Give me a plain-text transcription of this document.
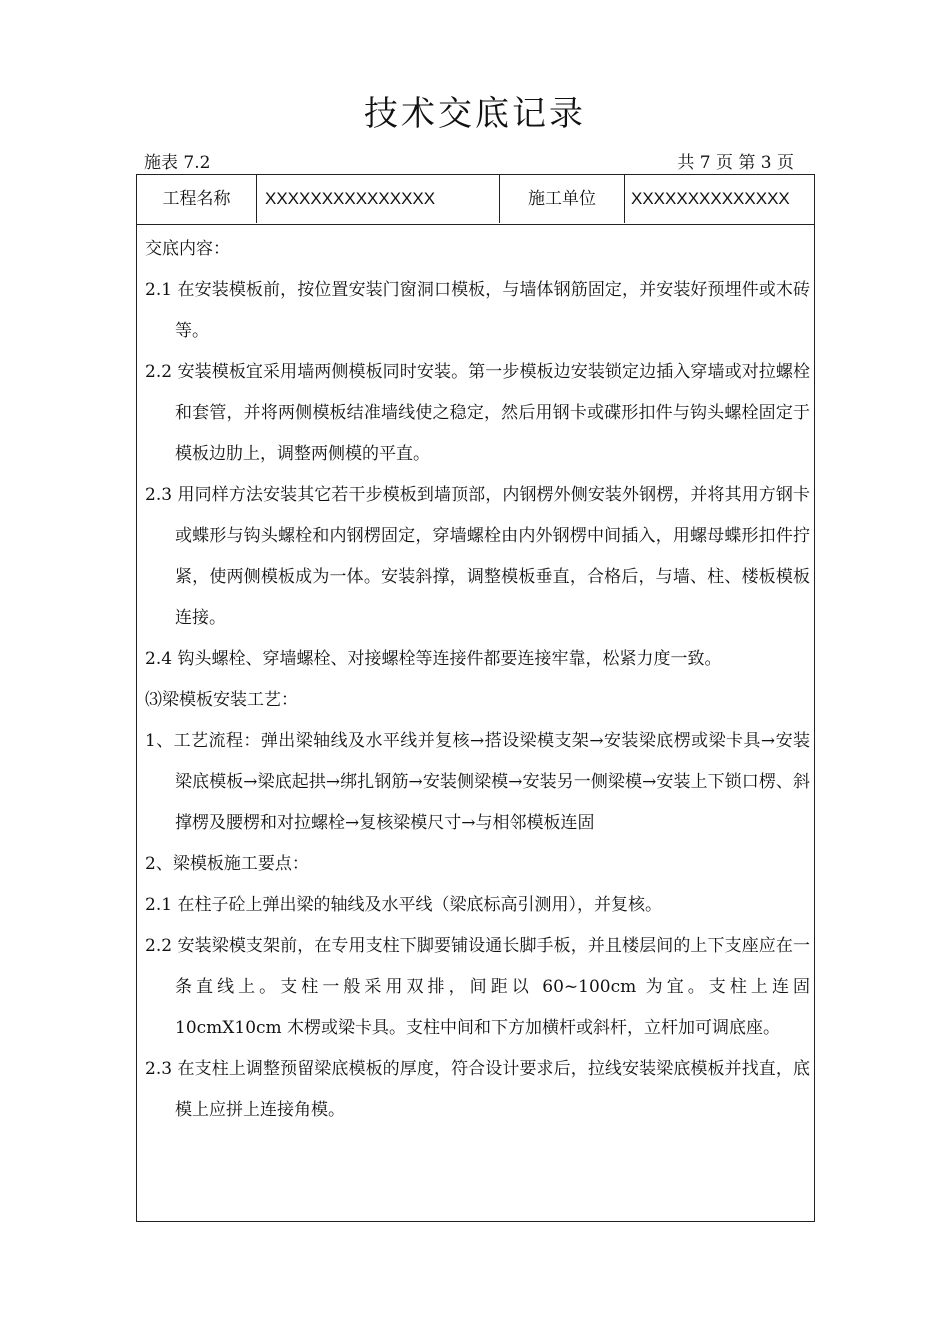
技术交底记录
施表 7.2	共 7 页 第 3 页
工程名称	XXXXXXXXXXXXXXX	施工单位	XXXXXXXXXXXXXX

交底内容：

2.1 在安装模板前，按位置安装门窗洞口模板，与墙体钢筋固定，并安装好预埋件或木砖等。

2.2 安装模板宜采用墙两侧模板同时安装。第一步模板边安装锁定边插入穿墙或对拉螺栓和套管，并将两侧模板结准墙线使之稳定，然后用钢卡或碟形扣件与钩头螺栓固定于模板边肋上，调整两侧模的平直。

2.3 用同样方法安装其它若干步模板到墙顶部，内钢楞外侧安装外钢楞，并将其用方钢卡或蝶形与钩头螺栓和内钢楞固定，穿墙螺栓由内外钢楞中间插入，用螺母蝶形扣件拧紧，使两侧模板成为一体。安装斜撑，调整模板垂直，合格后，与墙、柱、楼板模板连接。

2.4 钩头螺栓、穿墙螺栓、对接螺栓等连接件都要连接牢靠，松紧力度一致。

⑶梁模板安装工艺：

1、工艺流程：弹出梁轴线及水平线并复核→搭设梁模支架→安装梁底楞或梁卡具→安装梁底模板→梁底起拱→绑扎钢筋→安装侧梁模→安装另一侧梁模→安装上下锁口楞、斜撑楞及腰楞和对拉螺栓→复核梁模尺寸→与相邻模板连固

2、梁模板施工要点：

2.1 在柱子砼上弹出梁的轴线及水平线（梁底标高引测用），并复核。

2.2 安装梁模支架前，在专用支柱下脚要铺设通长脚手板，并且楼层间的上下支座应在一条直线上。支柱一般采用双排，间距以 60~100cm 为宜。支柱上连固 10cmX10cm 木楞或梁卡具。支柱中间和下方加横杆或斜杆，立杆加可调底座。

2.3 在支柱上调整预留梁底模板的厚度，符合设计要求后，拉线安装梁底模板并找直，底模上应拼上连接角模。
